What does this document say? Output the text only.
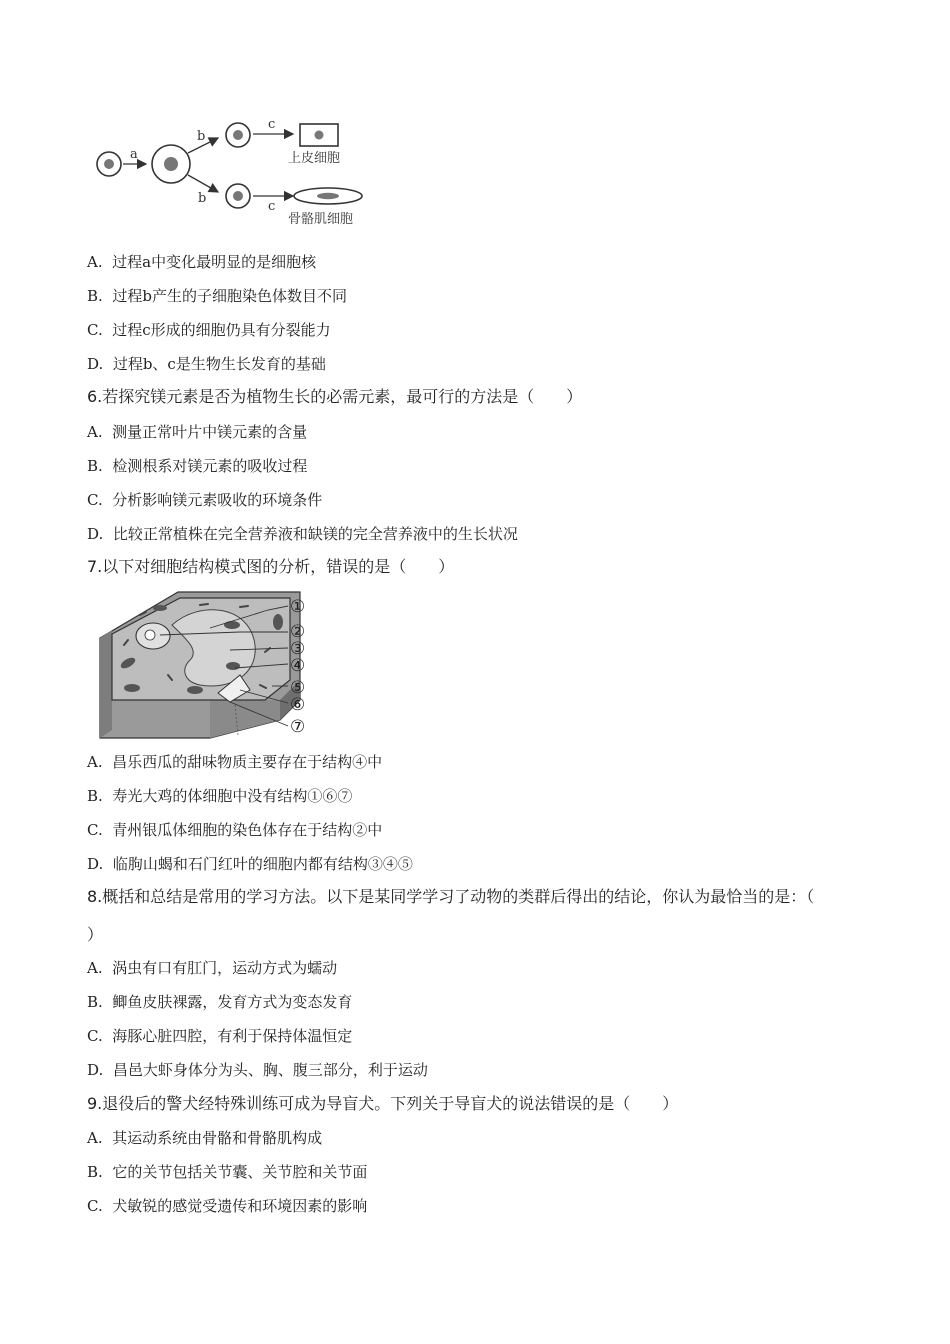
a
b
b
c
c
上皮细胞
骨骼肌细胞
A. 过程a中变化最明显的是细胞核
B. 过程b产生的子细胞染色体数目不同
C. 过程c形成的细胞仍具有分裂能力
D. 过程b、c是生物生长发育的基础
6.若探究镁元素是否为植物生长的必需元素，最可行的方法是（　　）
A. 测量正常叶片中镁元素的含量
B. 检测根系对镁元素的吸收过程
C. 分析影响镁元素吸收的环境条件
D. 比较正常植株在完全营养液和缺镁的完全营养液中的生长状况
7.以下对细胞结构模式图的分析，错误的是（　　）
①
②
③
④
⑤
⑥
⑦
A. 昌乐西瓜的甜味物质主要存在于结构④中
B. 寿光大鸡的体细胞中没有结构①⑥⑦
C. 青州银瓜体细胞的染色体存在于结构②中
D. 临朐山蝎和石门红叶的细胞内都有结构③④⑤
8.概括和总结是常用的学习方法。以下是某同学学习了动物的类群后得出的结论，你认为最恰当的是：（
）
A. 涡虫有口有肛门，运动方式为蠕动
B. 鲫鱼皮肤裸露，发育方式为变态发育
C. 海豚心脏四腔，有利于保持体温恒定
D. 昌邑大虾身体分为头、胸、腹三部分，利于运动
9.退役后的警犬经特殊训练可成为导盲犬。下列关于导盲犬的说法错误的是（　　）
A. 其运动系统由骨骼和骨骼肌构成
B. 它的关节包括关节囊、关节腔和关节面
C. 犬敏锐的感觉受遗传和环境因素的影响
